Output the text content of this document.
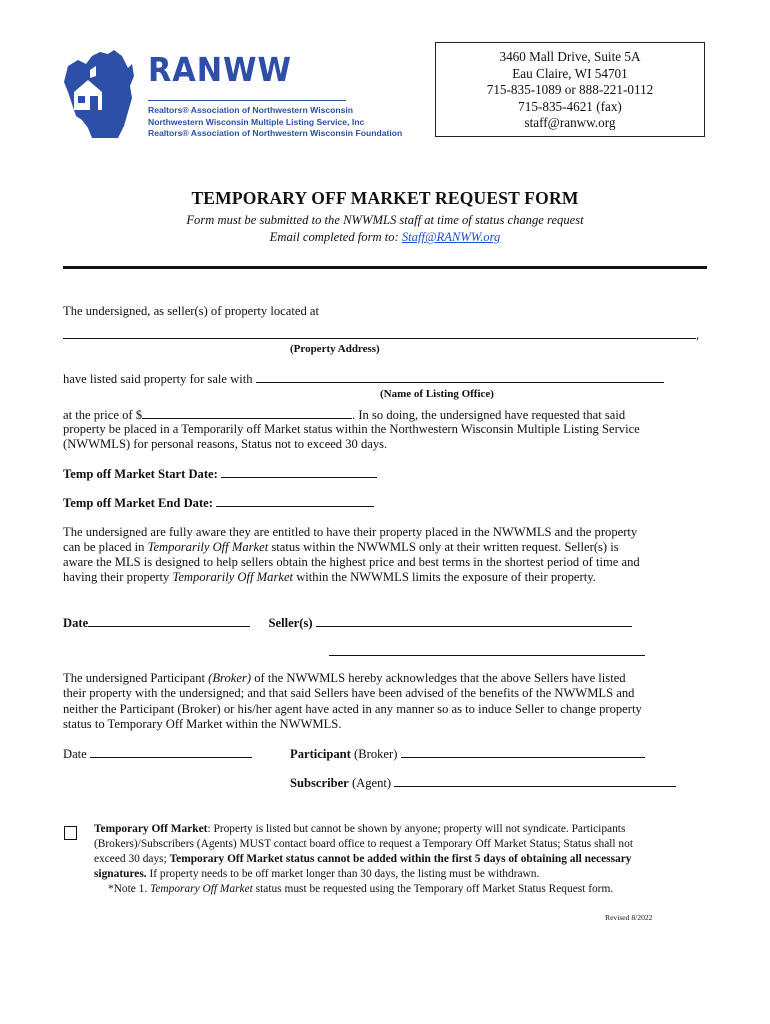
RANWW
Realtors® Association of Northwestern Wisconsin
Northwestern Wisconsin Multiple Listing Service, Inc
Realtors® Association of Northwestern Wisconsin Foundation
3460 Mall Drive, Suite 5A
Eau Claire, WI 54701
715-835-1089 or 888-221-0112
715-835-4621 (fax)
staff@ranww.org
TEMPORARY OFF MARKET REQUEST FORM
Form must be submitted to the NWWMLS staff at time of status change request
Email completed form to: Staff@RANWW.org
The undersigned, as seller(s) of property located at
,
(Property Address)
have listed said property for sale with
(Name of Listing Office)
at the price of $	. In so doing, the undersigned have requested that said
property be placed in a Temporarily off Market status within the Northwestern Wisconsin Multiple Listing Service
(NWWMLS) for personal reasons, Status not to exceed 30 days.
Temp off Market Start Date:
Temp off Market End Date:
The undersigned are fully aware they are entitled to have their property placed in the NWWMLS and the property
can be placed in Temporarily Off Market status within the NWWMLS only at their written request. Seller(s) is
aware the MLS is designed to help sellers obtain the highest price and best terms in the shortest period of time and
having their property Temporarily Off Market within the NWWMLS limits the exposure of their property.
Date	Seller(s)
The undersigned Participant (Broker) of the NWWMLS hereby acknowledges that the above Sellers have listed
their property with the undersigned; and that said Sellers have been advised of the benefits of the NWWMLS and
neither the Participant (Broker) or his/her agent have acted in any manner so as to induce Seller to change property
status to Temporary Off Market within the NWWMLS.
Date	Participant (Broker)
Subscriber (Agent)
Temporary Off Market: Property is listed but cannot be shown by anyone; property will not syndicate. Participants
(Brokers)/Subscribers (Agents) MUST contact board office to request a Temporary Off Market Status; Status shall not
exceed 30 days; Temporary Off Market status cannot be added within the first 5 days of obtaining all necessary
signatures. If property needs to be off market longer than 30 days, the listing must be withdrawn.
*Note 1. Temporary Off Market status must be requested using the Temporary off Market Status Request form.
Revised 8/2022
